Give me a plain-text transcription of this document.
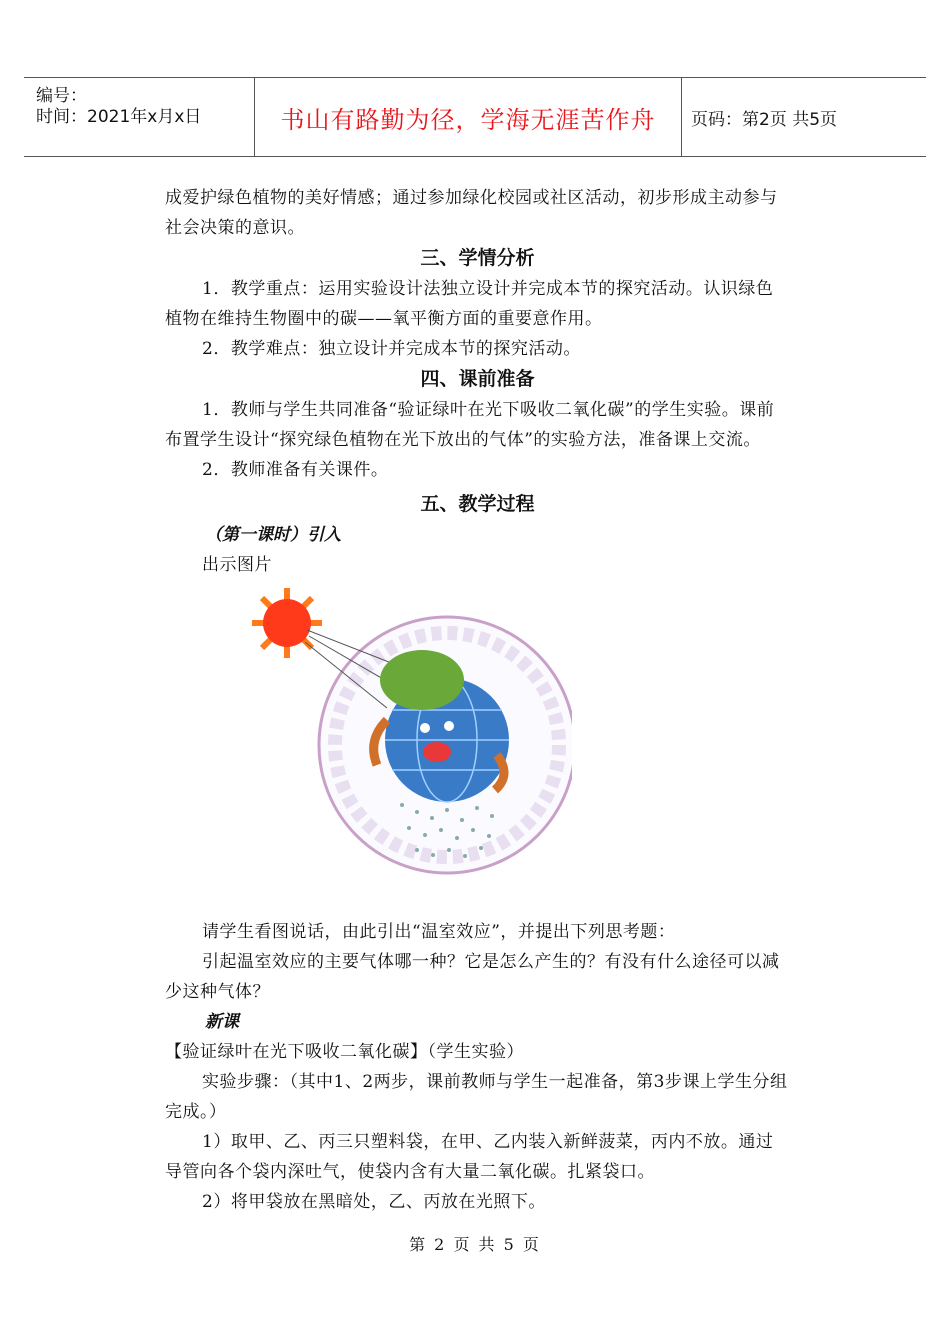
编号：
时间：2021年x月x日	书山有路勤为径，学海无涯苦作舟 页码：第2页 共5页

成爱护绿色植物的美好情感；通过参加绿化校园或社区活动，初步形成主动参与社会决策的意识。

三、学情分析

1．教学重点：运用实验设计法独立设计并完成本节的探究活动。认识绿色植物在维持生物圈中的碳——氧平衡方面的重要意作用。

2．教学难点：独立设计并完成本节的探究活动。

四、课前准备

1．教师与学生共同准备“验证绿叶在光下吸收二氧化碳”的学生实验。课前布置学生设计“探究绿色植物在光下放出的气体”的实验方法，准备课上交流。

2．教师准备有关课件。

五、教学过程

（第一课时）引入

出示图片

请学生看图说话，由此引出“温室效应”，并提出下列思考题：

引起温室效应的主要气体哪一种？它是怎么产生的？有没有什么途径可以减少这种气体？

新课

【验证绿叶在光下吸收二氧化碳】（学生实验）

实验步骤：（其中1、2两步，课前教师与学生一起准备，第3步课上学生分组完成。）

1）取甲、乙、丙三只塑料袋，在甲、乙内装入新鲜菠菜，丙内不放。通过导管向各个袋内深吐气，使袋内含有大量二氧化碳。扎紧袋口。

2）将甲袋放在黑暗处，乙、丙放在光照下。

第 2 页 共 5 页
